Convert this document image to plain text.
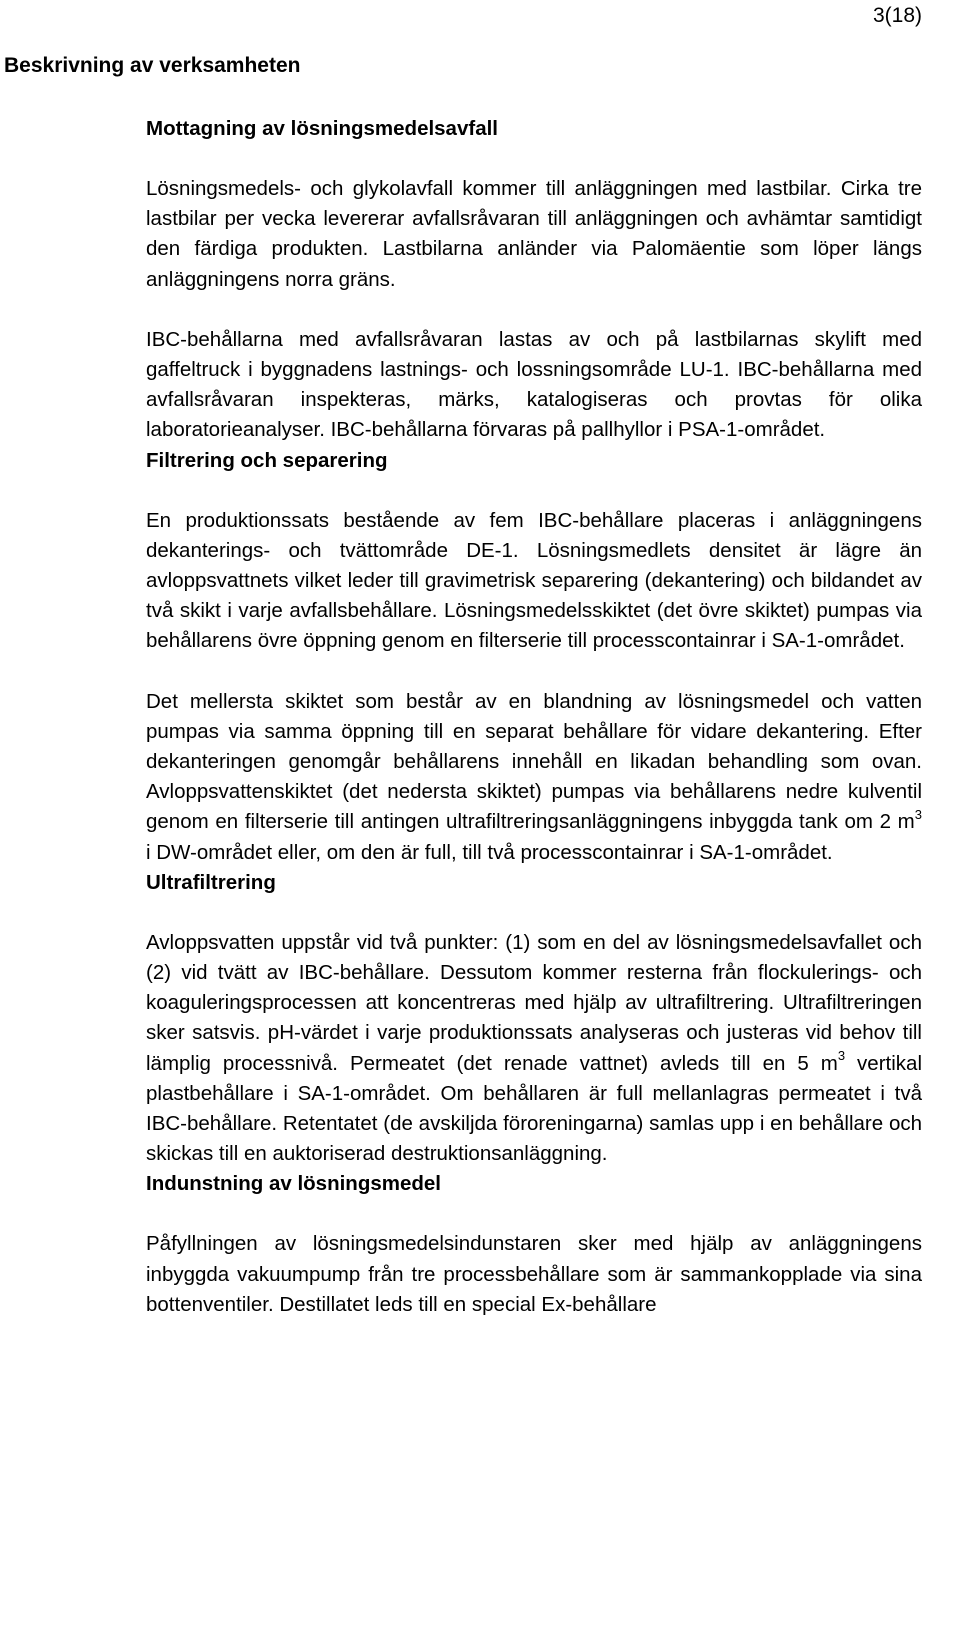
3(18)
Beskrivning av verksamheten
Mottagning av lösningsmedelsavfall

Lösningsmedels- och glykolavfall kommer till anläggningen med lastbilar. Cirka tre lastbilar per vecka levererar avfallsråvaran till anläggningen och avhämtar samtidigt den färdiga produkten. Lastbilarna anländer via Palomäentie som löper längs anläggningens norra gräns.

IBC-behållarna med avfallsråvaran lastas av och på lastbilarnas skylift med gaffeltruck i byggnadens lastnings- och lossningsområde LU-1. IBC-behållarna med avfallsråvaran inspekteras, märks, katalogiseras och provtas för olika laboratorieanalyser. IBC-behållarna förvaras på pallhyllor i PSA-1-området.

Filtrering och separering

En produktionssats bestående av fem IBC-behållare placeras i anläggningens dekanterings- och tvättområde DE-1. Lösningsmedlets densitet är lägre än avloppsvattnets vilket leder till gravimetrisk separering (dekantering) och bildandet av två skikt i varje avfallsbehållare. Lösningsmedelsskiktet (det övre skiktet) pumpas via behållarens övre öppning genom en filterserie till processcontainrar i SA-1-området.

Det mellersta skiktet som består av en blandning av lösningsmedel och vatten pumpas via samma öppning till en separat behållare för vidare dekantering. Efter dekanteringen genomgår behållarens innehåll en likadan behandling som ovan. Avloppsvattenskiktet (det nedersta skiktet) pumpas via behållarens nedre kulventil genom en filterserie till antingen ultrafiltreringsanläggningens inbyggda tank om 2 $m^3$ i DW-området eller, om den är full, till två processcontainrar i SA-1-området.

Ultrafiltrering

Avloppsvatten uppstår vid två punkter: (1) som en del av lösningsmedelsavfallet och (2) vid tvätt av IBC-behållare. Dessutom kommer resterna från flockulerings- och koaguleringsprocessen att koncentreras med hjälp av ultrafiltrering. Ultrafiltreringen sker satsvis. pH-värdet i varje produktionssats analyseras och justeras vid behov till lämplig processnivå. Permeatet (det renade vattnet) avleds till en 5 $m^3$ vertikal plastbehållare i SA-1-området. Om behållaren är full mellanlagras permeatet i två IBC-behållare. Retentatet (de avskiljda föroreningarna) samlas upp i en behållare och skickas till en auktoriserad destruktionsanläggning.

Indunstning av lösningsmedel

Påfyllningen av lösningsmedelsindunstaren sker med hjälp av anläggningens inbyggda vakuumpump från tre processbehållare som är sammankopplade via sina bottenventiler. Destillatet leds till en special Ex-behållare
